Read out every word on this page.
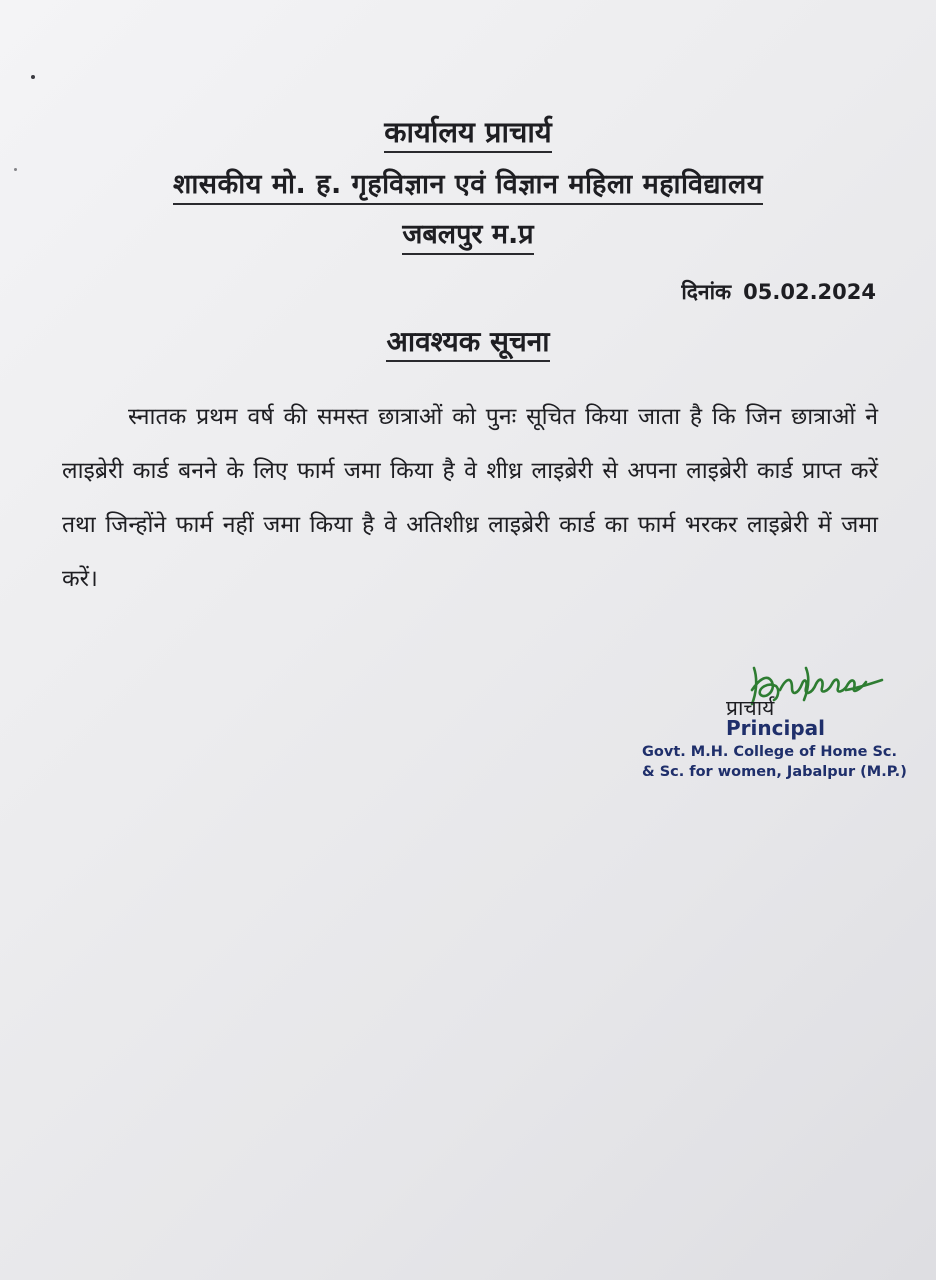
कार्यालय प्राचार्य
शासकीय मो. ह. गृहविज्ञान एवं विज्ञान महिला महाविद्यालय
जबलपुर म.प्र
दिनांक 05.02.2024
आवश्यक सूचना

स्नातक प्रथम वर्ष की समस्त छात्राओं को पुनः सूचित किया जाता है कि जिन छात्राओं ने लाइब्रेरी कार्ड बनने के लिए फार्म जमा किया है वे शीध्र लाइब्रेरी से अपना लाइब्रेरी कार्ड प्राप्त करें तथा जिन्होंने फार्म नहीं जमा किया है वे अतिशीध्र लाइब्रेरी कार्ड का फार्म भरकर लाइब्रेरी में जमा करें।

प्राचार्य
Principal
Govt. M.H. College of Home Sc.
& Sc. for women, Jabalpur (M.P.)
